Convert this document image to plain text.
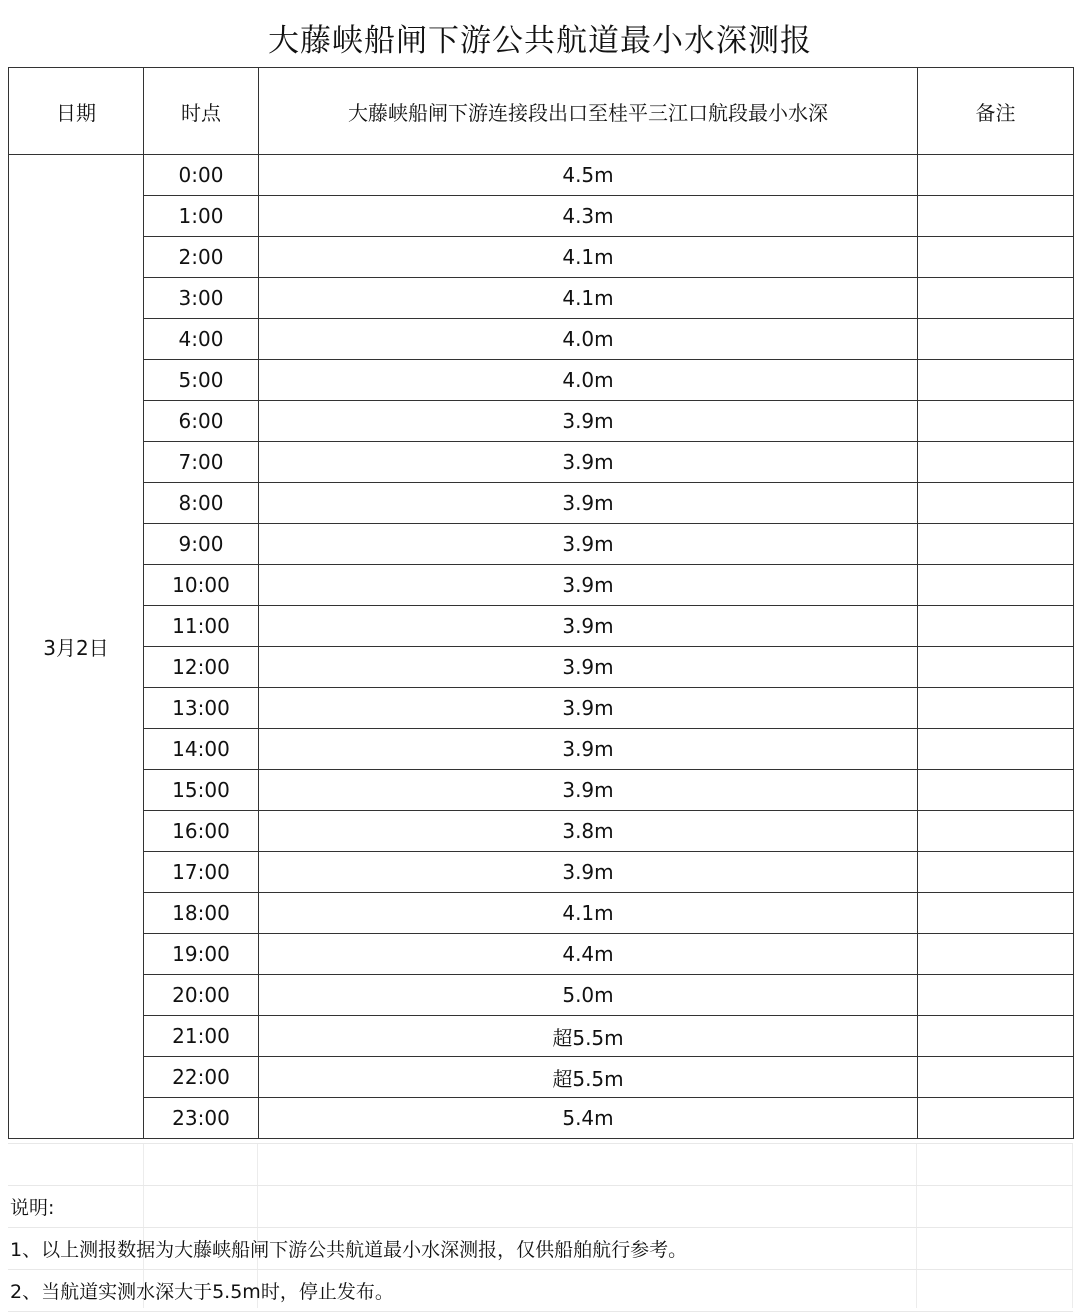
大藤峡船闸下游公共航道最小水深测报
日期	时点	大藤峡船闸下游连接段出口至桂平三江口航段最小水深	备注
3月2日	0:00	4.5m	
	1:00	4.3m	
	2:00	4.1m	
	3:00	4.1m	
	4:00	4.0m	
	5:00	4.0m	
	6:00	3.9m	
	7:00	3.9m	
	8:00	3.9m	
	9:00	3.9m	
	10:00	3.9m	
	11:00	3.9m	
	12:00	3.9m	
	13:00	3.9m	
	14:00	3.9m	
	15:00	3.9m	
	16:00	3.8m	
	17:00	3.9m	
	18:00	4.1m	
	19:00	4.4m	
	20:00	5.0m	
	21:00	超5.5m	
	22:00	超5.5m	
	23:00	5.4m	
说明:
1、以上测报数据为大藤峡船闸下游公共航道最小水深测报，仅供船舶航行参考。
2、当航道实测水深大于5.5m时，停止发布。
